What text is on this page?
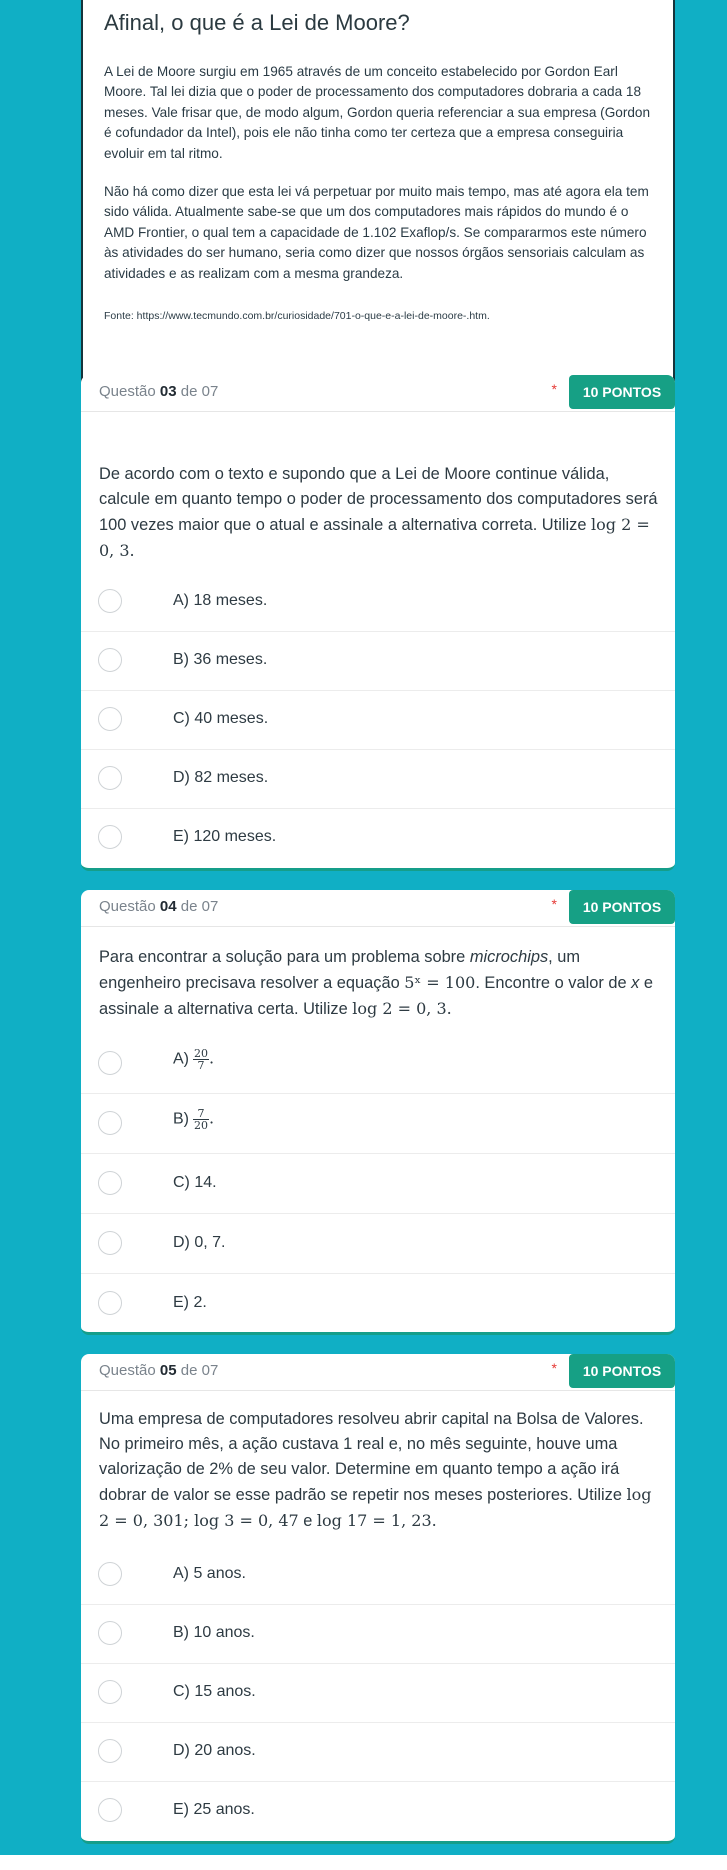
Afinal, o que é a Lei de Moore?

A Lei de Moore surgiu em 1965 através de um conceito estabelecido por Gordon Earl Moore. Tal lei dizia que o poder de processamento dos computadores dobraria a cada 18 meses. Vale frisar que, de modo algum, Gordon queria referenciar a sua empresa (Gordon é cofundador da Intel), pois ele não tinha como ter certeza que a empresa conseguiria evoluir em tal ritmo.

Não há como dizer que esta lei vá perpetuar por muito mais tempo, mas até agora ela tem sido válida. Atualmente sabe-se que um dos computadores mais rápidos do mundo é o AMD Frontier, o qual tem a capacidade de 1.102 Exaflop/s. Se compararmos este número às atividades do ser humano, seria como dizer que nossos órgãos sensoriais calculam as atividades e as realizam com a mesma grandeza.

Fonte: https://www.tecmundo.com.br/curiosidade/701-o-que-e-a-lei-de-moore-.htm.

Questão 03 de 07	*	10 PONTOS
De acordo com o texto e supondo que a Lei de Moore continue válida, calcule em quanto tempo o poder de processamento dos computadores será 100 vezes maior que o atual e assinale a alternativa correta. Utilize log 2 = 0, 3.
A) 18 meses.
B) 36 meses.
C) 40 meses.
D) 82 meses.
E) 120 meses.
Questão 04 de 07	*	10 PONTOS
Para encontrar a solução para um problema sobre microchips, um engenheiro precisava resolver a equação 5ˣ = 100. Encontre o valor de x e assinale a alternativa certa. Utilize log 2 = 0, 3.
$A) \frac{20}{7}$ .
$B) \frac{7}{20}$ .
C) 14.
D) 0, 7.
E) 2.
Questão 05 de 07	*	10 PONTOS
Uma empresa de computadores resolveu abrir capital na Bolsa de Valores. No primeiro mês, a ação custava 1 real e, no mês seguinte, houve uma valorização de 2% de seu valor. Determine em quanto tempo a ação irá dobrar de valor se esse padrão se repetir nos meses posteriores. Utilize log 2 = 0, 301; log 3 = 0, 47 e log 17 = 1, 23.
A) 5 anos.
B) 10 anos.
C) 15 anos.
D) 20 anos.
E) 25 anos.
